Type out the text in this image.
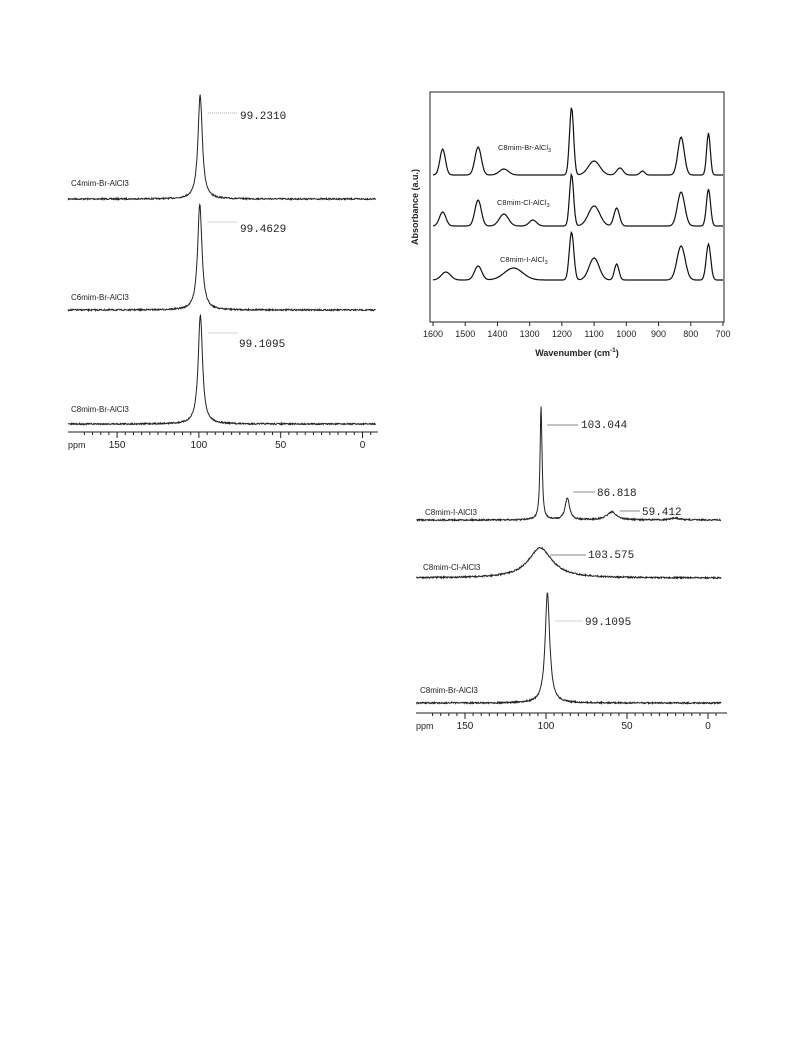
99.2310
99.4629
99.1095
C4mim-Br-AlCl3
C6mim-Br-AlCl3
C8mim-Br-AlCl3
ppm 150	100	50	0
C8mim-Br-AlCl$_3$
C8mim-Cl-AlCl$_3$
C8mim-I-AlCl$_3$
1600 1500 1400 1300 1200 1100 1000 900 800 700
Wavenumber $(cm^{-1})$
Absorbance (a.u.)
103.044
86.818
59.412
103.575
99.1095
C8mim-I-AlCl3
C8mim-Cl-AlCl3
C8mim-Br-AlCl3
ppm 150	100	50	0
